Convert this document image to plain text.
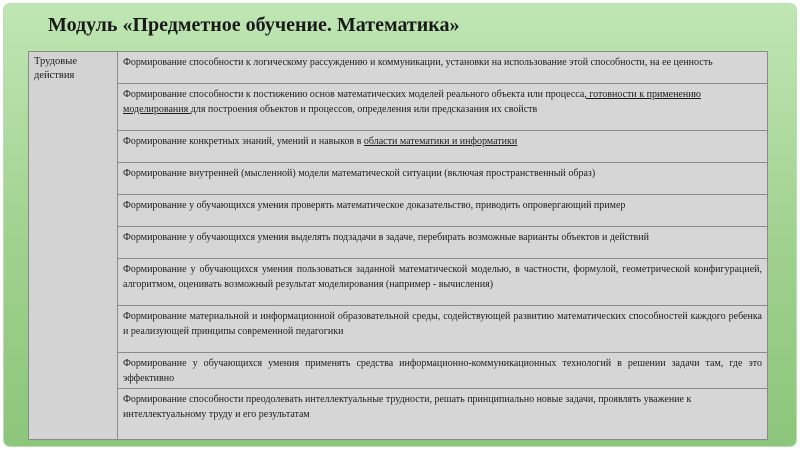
Модуль «Предметное обучение. Математика»
Трудовые действия	Формирование способности к логическому рассуждению и коммуникации, установки на использование этой способности, на ее ценность
Формирование способности к постижению основ математических моделей реального объекта или процесса, готовности к применению моделирования для построения объектов и процессов, определения или предсказания их свойств
Формирование конкретных знаний, умений и навыков в области математики и информатики
Формирование внутренней (мысленной) модели математической ситуации (включая пространственный образ)
Формирование у обучающихся умения проверять математическое доказательство, приводить опровергающий пример
Формирование у обучающихся умения выделять подзадачи в задаче, перебирать возможные варианты объектов и действий
Формирование у обучающихся умения пользоваться заданной математической моделью, в частности, формулой, геометрической конфигурацией, алгоритмом, оценивать возможный результат моделирования (например - вычисления)
Формирование материальной и информационной образовательной среды, содействующей развитию математических способностей каждого ребенка и реализующей принципы современной педагогики
Формирование у обучающихся умения применять средства информационно-коммуникационных технологий в решении задачи там, где это эффективно
Формирование способности преодолевать интеллектуальные трудности, решать принципиально новые задачи, проявлять уважение к интеллектуальному труду и его результатам
